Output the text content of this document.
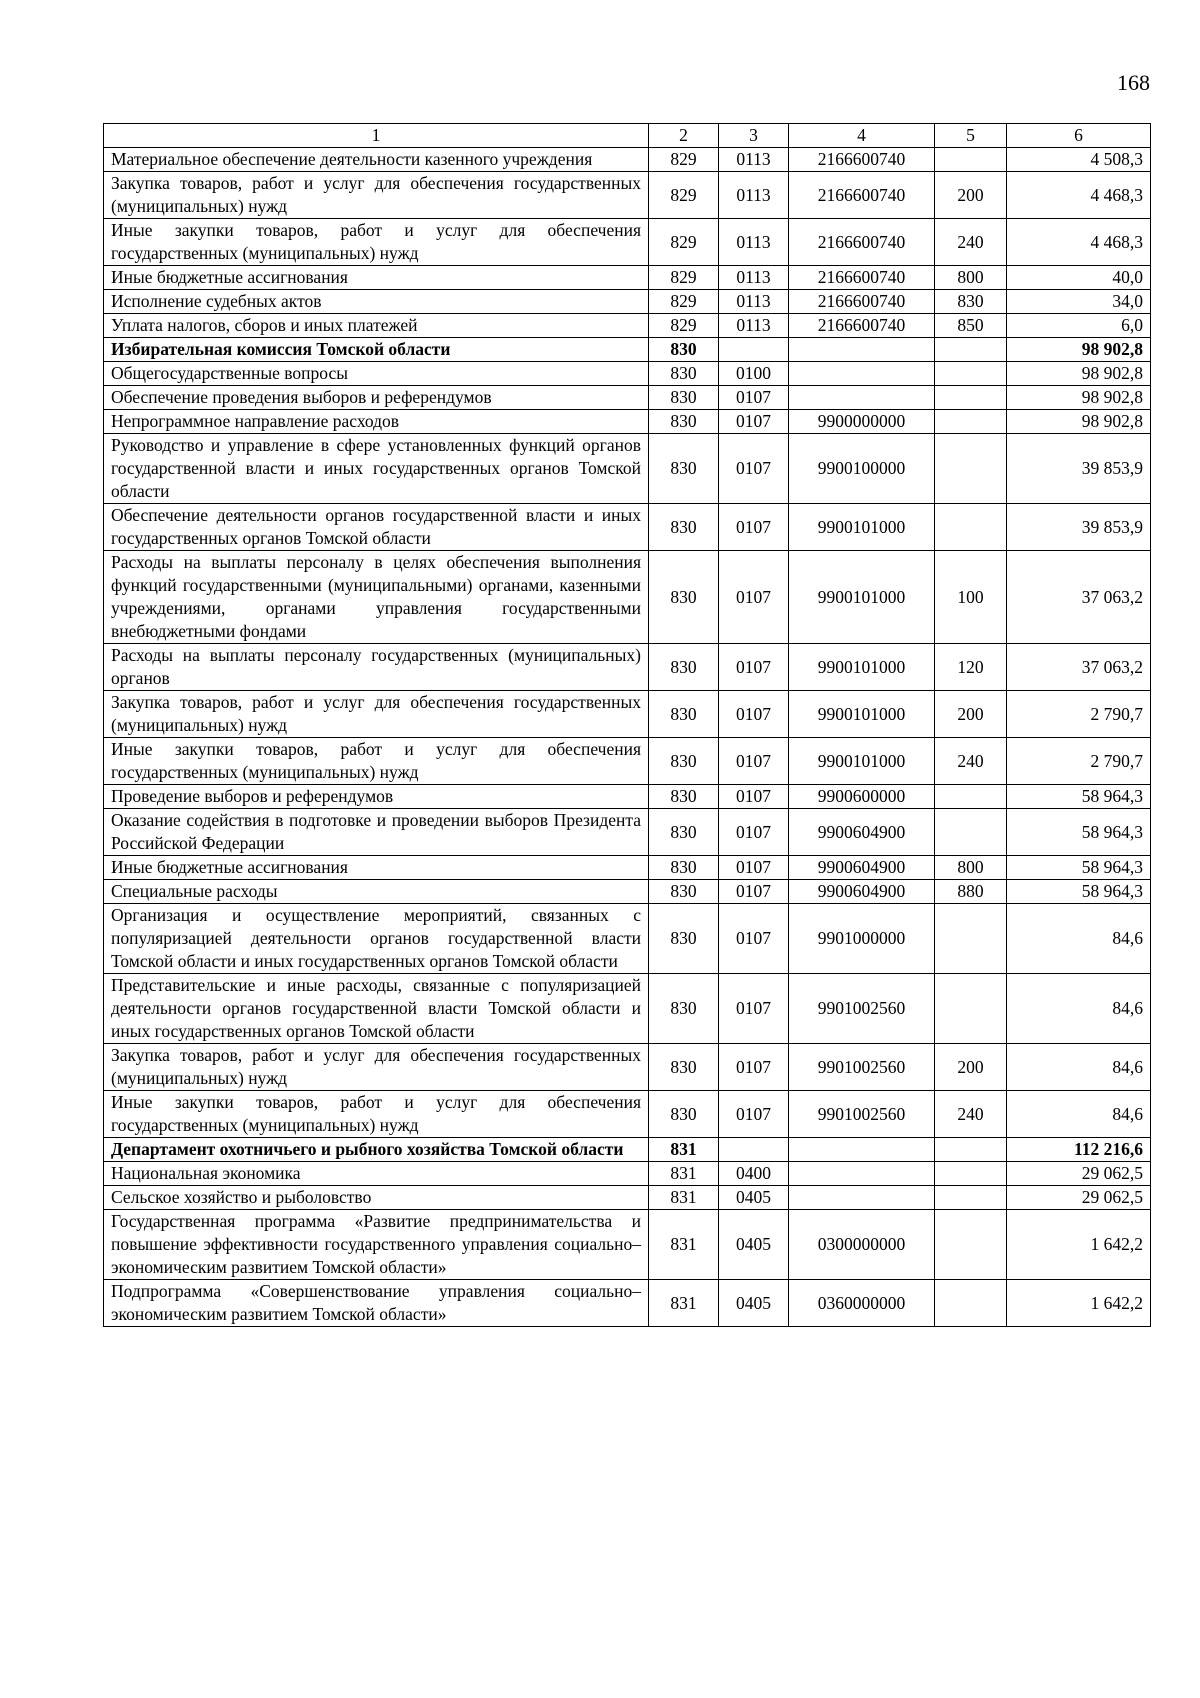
168
1	2	3	4	5	6
Материальное обеспечение деятельности казенного учреждения	829	0113	2166600740		4 508,3
Закупка товаров, работ и услуг для обеспечения государственных (муниципальных) нужд	829	0113	2166600740	200	4 468,3
Иные закупки товаров, работ и услуг для обеспечения государственных (муниципальных) нужд	829	0113	2166600740	240	4 468,3
Иные бюджетные ассигнования	829	0113	2166600740	800	40,0
Исполнение судебных актов	829	0113	2166600740	830	34,0
Уплата налогов, сборов и иных платежей	829	0113	2166600740	850	6,0
Избирательная комиссия Томской области	830				98 902,8
Общегосударственные вопросы	830	0100			98 902,8
Обеспечение проведения выборов и референдумов	830	0107			98 902,8
Непрограммное направление расходов	830	0107	9900000000		98 902,8
Руководство и управление в сфере установленных функций органов государственной власти и иных государственных органов Томской области	830	0107	9900100000		39 853,9
Обеспечение деятельности органов государственной власти и иных государственных органов Томской области	830	0107	9900101000		39 853,9
Расходы на выплаты персоналу в целях обеспечения выполнения функций государственными (муниципальными) органами, казенными учреждениями, органами управления государственными внебюджетными фондами	830	0107	9900101000	100	37 063,2
Расходы на выплаты персоналу государственных (муниципальных) органов	830	0107	9900101000	120	37 063,2
Закупка товаров, работ и услуг для обеспечения государственных (муниципальных) нужд	830	0107	9900101000	200	2 790,7
Иные закупки товаров, работ и услуг для обеспечения государственных (муниципальных) нужд	830	0107	9900101000	240	2 790,7
Проведение выборов и референдумов	830	0107	9900600000		58 964,3
Оказание содействия в подготовке и проведении выборов Президента Российской Федерации	830	0107	9900604900		58 964,3
Иные бюджетные ассигнования	830	0107	9900604900	800	58 964,3
Специальные расходы	830	0107	9900604900	880	58 964,3
Организация и осуществление мероприятий, связанных с популяризацией деятельности органов государственной власти Томской области и иных государственных органов Томской области	830	0107	9901000000		84,6
Представительские и иные расходы, связанные с популяризацией деятельности органов государственной власти Томской области и иных государственных органов Томской области	830	0107	9901002560		84,6
Закупка товаров, работ и услуг для обеспечения государственных (муниципальных) нужд	830	0107	9901002560	200	84,6
Иные закупки товаров, работ и услуг для обеспечения государственных (муниципальных) нужд	830	0107	9901002560	240	84,6
Департамент охотничьего и рыбного хозяйства Томской области	831				112 216,6
Национальная экономика	831	0400			29 062,5
Сельское хозяйство и рыболовство	831	0405			29 062,5
Государственная программа «Развитие предпринимательства и повышение эффективности государственного управления социально–экономическим развитием Томской области»	831	0405	0300000000		1 642,2
Подпрограмма «Совершенствование управления социально–экономическим развитием Томской области»	831	0405	0360000000		1 642,2
